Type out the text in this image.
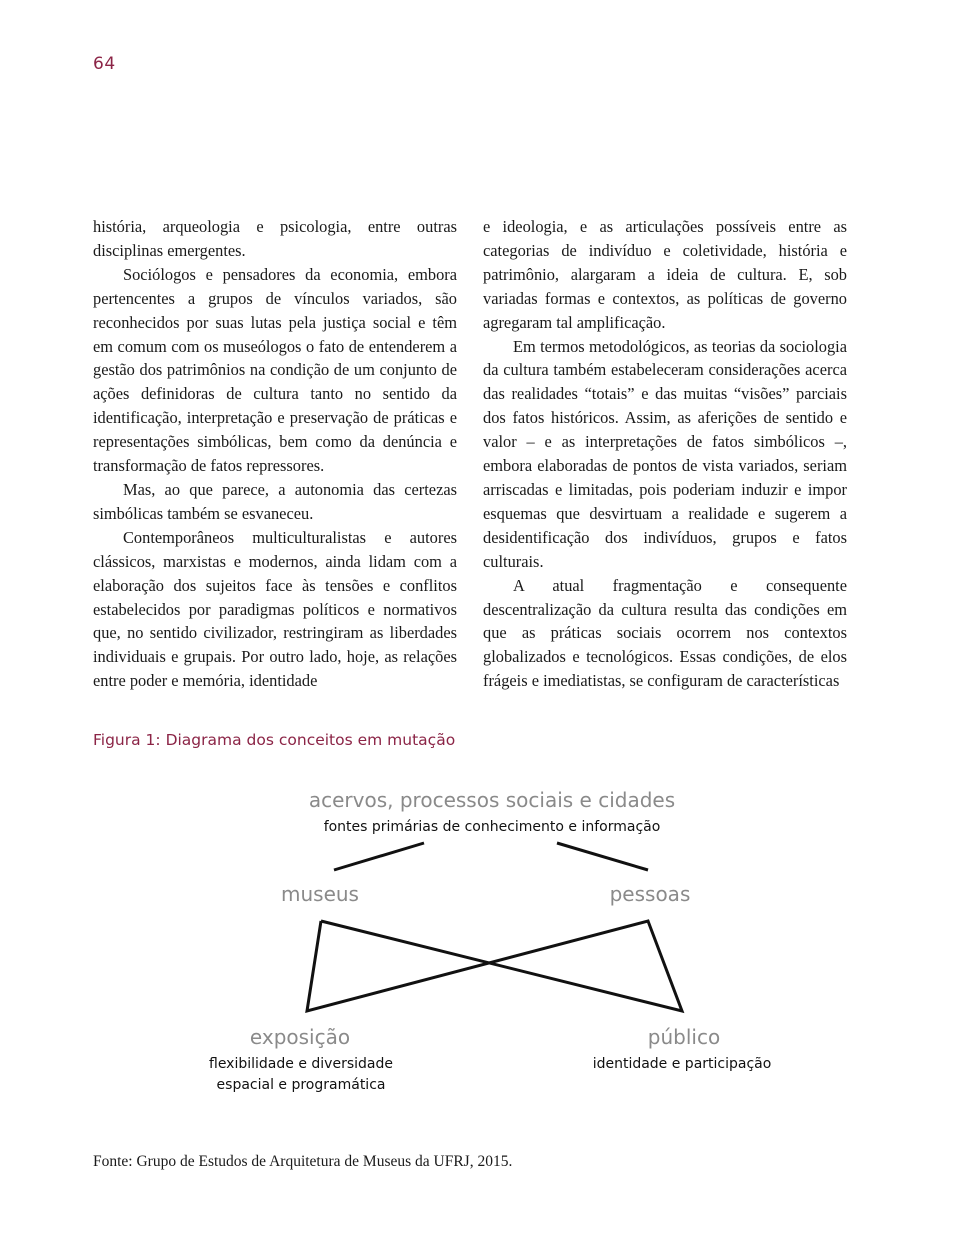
64

história, arqueologia e psicologia, entre outras disciplinas emergentes.

Sociólogos e pensadores da economia, embora pertencentes a grupos de vínculos variados, são reconhecidos por suas lutas pela justiça social e têm em comum com os museólogos o fato de entenderem a gestão dos patrimônios na condição de um conjunto de ações definidoras de cultura tanto no sentido da identificação, interpretação e preservação de práticas e representações simbólicas, bem como da denúncia e transformação de fatos repressores.

Mas, ao que parece, a autonomia das certezas simbólicas também se esvaneceu.

Contemporâneos multiculturalistas e autores clássicos, marxistas e modernos, ainda lidam com a elaboração dos sujeitos face às tensões e conflitos estabelecidos por paradigmas políticos e normativos que, no sentido civilizador, restringiram as liberdades individuais e grupais. Por outro lado, hoje, as relações entre poder e memória, identidade

e ideologia, e as articulações possíveis entre as categorias de indivíduo e coletividade, história e patrimônio, alargaram a ideia de cultura. E, sob variadas formas e contextos, as políticas de governo agregaram tal amplificação.

Em termos metodológicos, as teorias da sociologia da cultura também estabeleceram considerações acerca das realidades “totais” e das muitas “visões” parciais dos fatos históricos. Assim, as aferições de sentido e valor – e as interpretações de fatos simbólicos –, embora elaboradas de pontos de vista variados, seriam arriscadas e limitadas, pois poderiam induzir e impor esquemas que desvirtuam a realidade e sugerem a desidentificação dos indivíduos, grupos e fatos culturais.

A atual fragmentação e consequente descentralização da cultura resulta das condições em que as práticas sociais ocorrem nos contextos globalizados e tecnológicos. Essas condições, de elos frágeis e imediatistas, se configuram de características

Figura 1: Diagrama dos conceitos em mutação
acervos, processos sociais e cidades
fontes primárias de conhecimento e informação
museus	pessoas
exposição
flexibilidade e diversidade
espacial e programática
público
identidade e participação
Fonte: Grupo de Estudos de Arquitetura de Museus da UFRJ, 2015.
